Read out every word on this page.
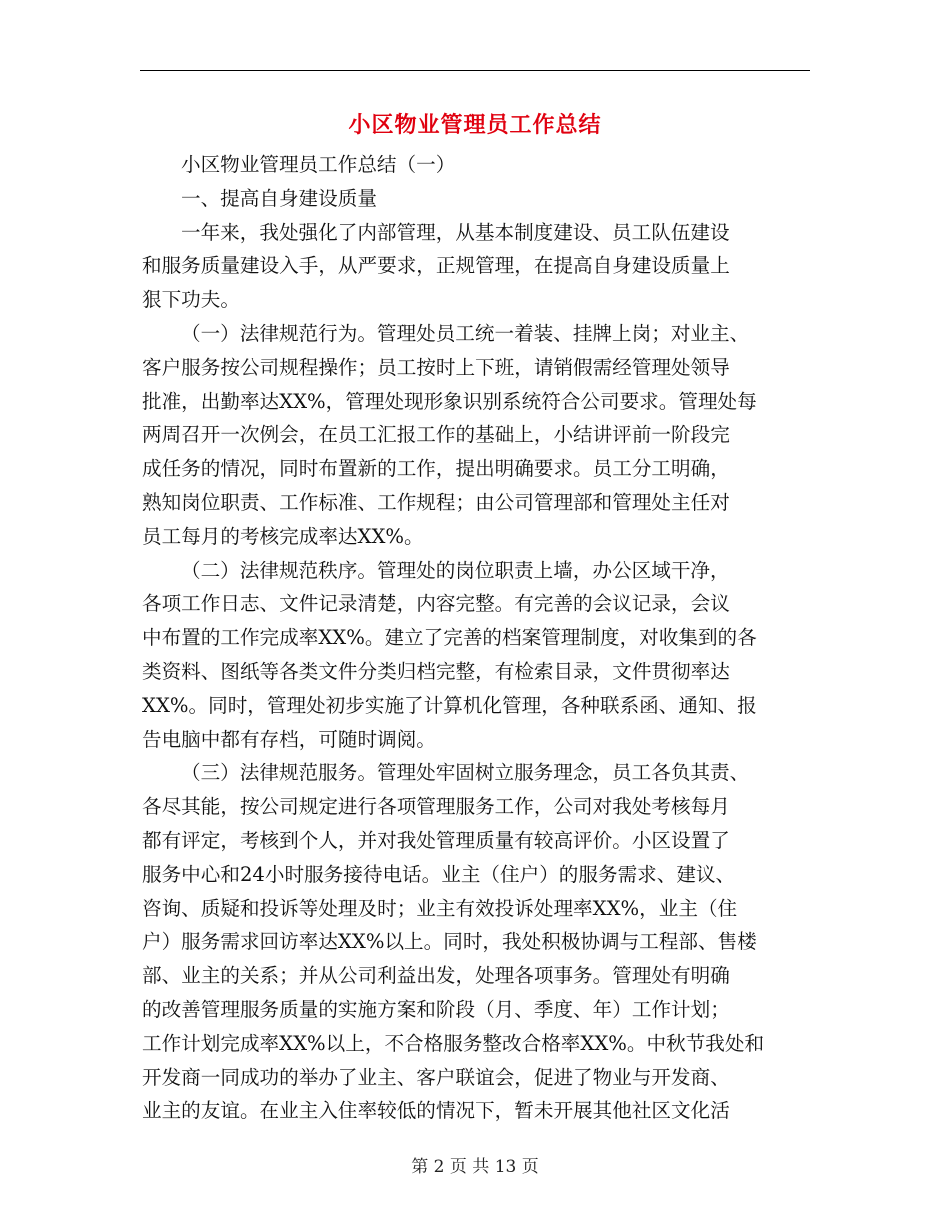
小区物业管理员工作总结
小区物业管理员工作总结（一）
一、提高自身建设质量
一年来，我处强化了内部管理，从基本制度建设、员工队伍建设
和服务质量建设入手，从严要求，正规管理，在提高自身建设质量上
狠下功夫。
（一）法律规范行为。管理处员工统一着装、挂牌上岗；对业主、
客户服务按公司规程操作；员工按时上下班，请销假需经管理处领导
批准，出勤率达XX%，管理处现形象识别系统符合公司要求。管理处每
两周召开一次例会，在员工汇报工作的基础上，小结讲评前一阶段完
成任务的情况，同时布置新的工作，提出明确要求。员工分工明确，
熟知岗位职责、工作标准、工作规程；由公司管理部和管理处主任对
员工每月的考核完成率达XX%。
（二）法律规范秩序。管理处的岗位职责上墙，办公区域干净，
各项工作日志、文件记录清楚，内容完整。有完善的会议记录，会议
中布置的工作完成率XX%。建立了完善的档案管理制度，对收集到的各
类资料、图纸等各类文件分类归档完整，有检索目录，文件贯彻率达
XX%。同时，管理处初步实施了计算机化管理，各种联系函、通知、报
告电脑中都有存档，可随时调阅。
（三）法律规范服务。管理处牢固树立服务理念，员工各负其责、
各尽其能，按公司规定进行各项管理服务工作，公司对我处考核每月
都有评定，考核到个人，并对我处管理质量有较高评价。小区设置了
服务中心和24小时服务接待电话。业主（住户）的服务需求、建议、
咨询、质疑和投诉等处理及时；业主有效投诉处理率XX%，业主（住
户）服务需求回访率达XX%以上。同时，我处积极协调与工程部、售楼
部、业主的关系；并从公司利益出发，处理各项事务。管理处有明确
的改善管理服务质量的实施方案和阶段（月、季度、年）工作计划；
工作计划完成率XX%以上，不合格服务整改合格率XX%。中秋节我处和
开发商一同成功的举办了业主、客户联谊会，促进了物业与开发商、
业主的友谊。在业主入住率较低的情况下，暂未开展其他社区文化活
第 2 页 共 13 页
